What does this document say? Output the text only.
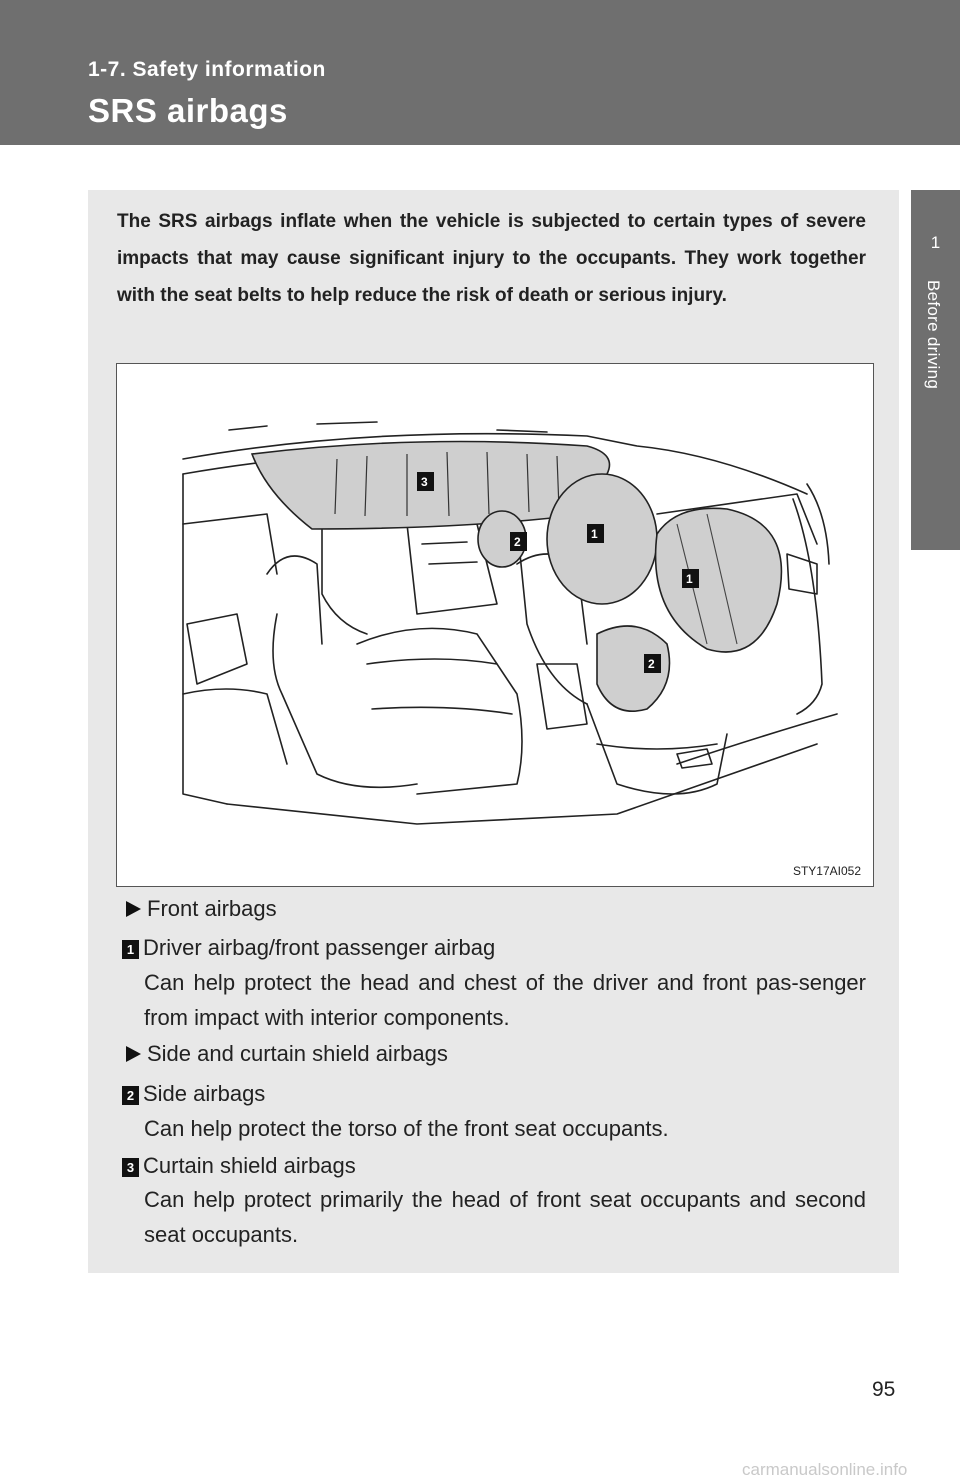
1-7. Safety information
SRS airbags
1
Before driving
The SRS airbags inflate when the vehicle is subjected to certain types of severe impacts that may cause significant injury to the occupants. They work together with the seat belts to help reduce the risk of death or serious injury.
3
2
1
1
2
STY17AI052
Front airbags
1 Driver airbag/front passenger airbag
Can help protect the head and chest of the driver and front pas-senger from impact with interior components.
Side and curtain shield airbags
2 Side airbags
Can help protect the torso of the front seat occupants.
3 Curtain shield airbags
Can help protect primarily the head of front seat occupants and second seat occupants.
95
carmanualsonline.info
